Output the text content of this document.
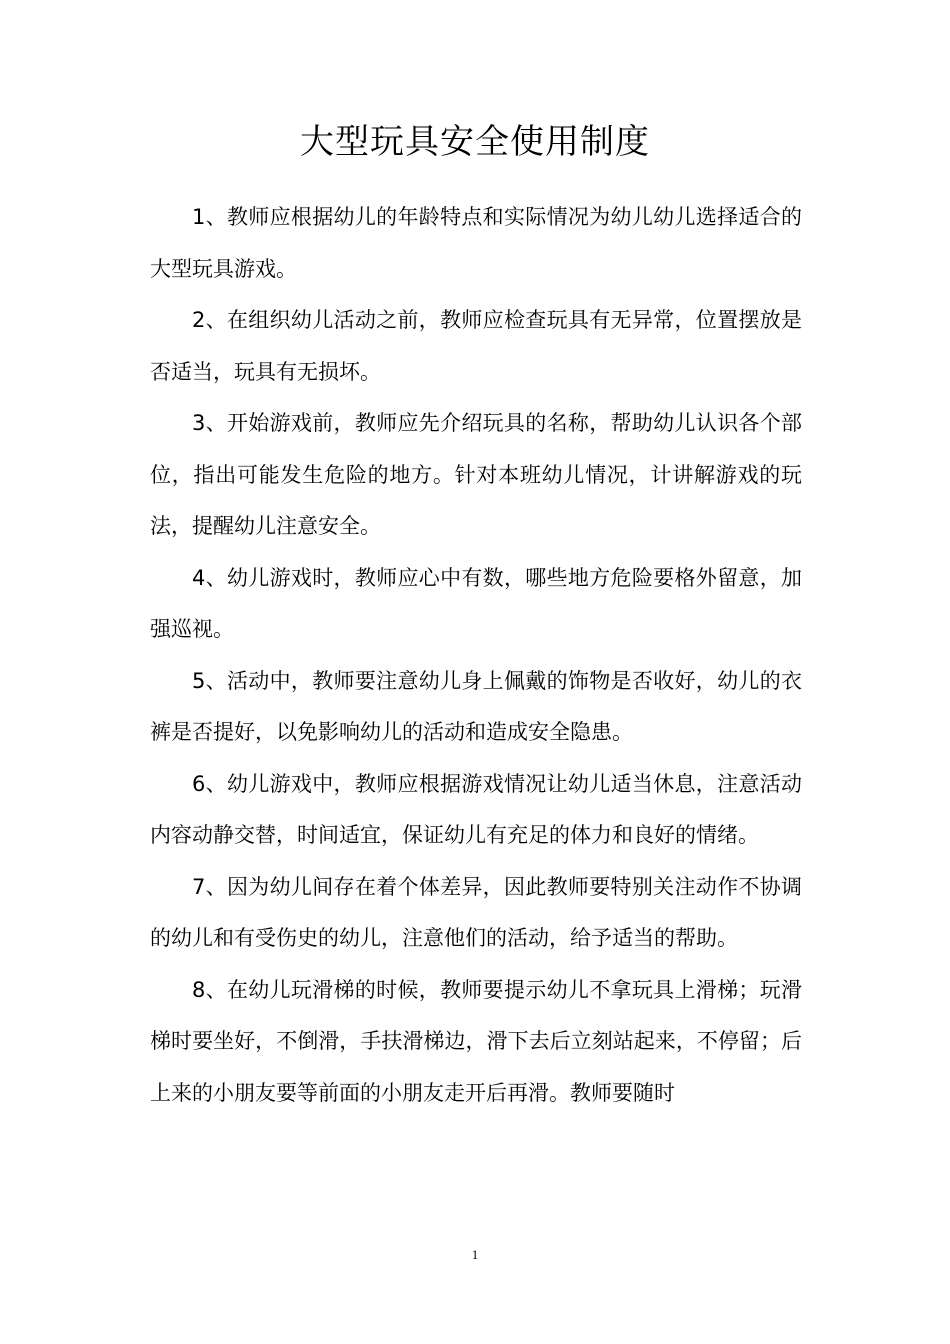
大型玩具安全使用制度

1、教师应根据幼儿的年龄特点和实际情况为幼儿幼儿选择适合的大型玩具游戏。

2、在组织幼儿活动之前，教师应检查玩具有无异常，位置摆放是否适当，玩具有无损坏。

3、开始游戏前，教师应先介绍玩具的名称，帮助幼儿认识各个部位，指出可能发生危险的地方。针对本班幼儿情况，计讲解游戏的玩法，提醒幼儿注意安全。

4、幼儿游戏时，教师应心中有数，哪些地方危险要格外留意，加强巡视。

5、活动中，教师要注意幼儿身上佩戴的饰物是否收好，幼儿的衣裤是否提好，以免影响幼儿的活动和造成安全隐患。

6、幼儿游戏中，教师应根据游戏情况让幼儿适当休息，注意活动内容动静交替，时间适宜，保证幼儿有充足的体力和良好的情绪。

7、因为幼儿间存在着个体差异，因此教师要特别关注动作不协调的幼儿和有受伤史的幼儿，注意他们的活动，给予适当的帮助。

8、在幼儿玩滑梯的时候，教师要提示幼儿不拿玩具上滑梯；玩滑梯时要坐好，不倒滑，手扶滑梯边，滑下去后立刻站起来，不停留；后上来的小朋友要等前面的小朋友走开后再滑。教师要随时

1
